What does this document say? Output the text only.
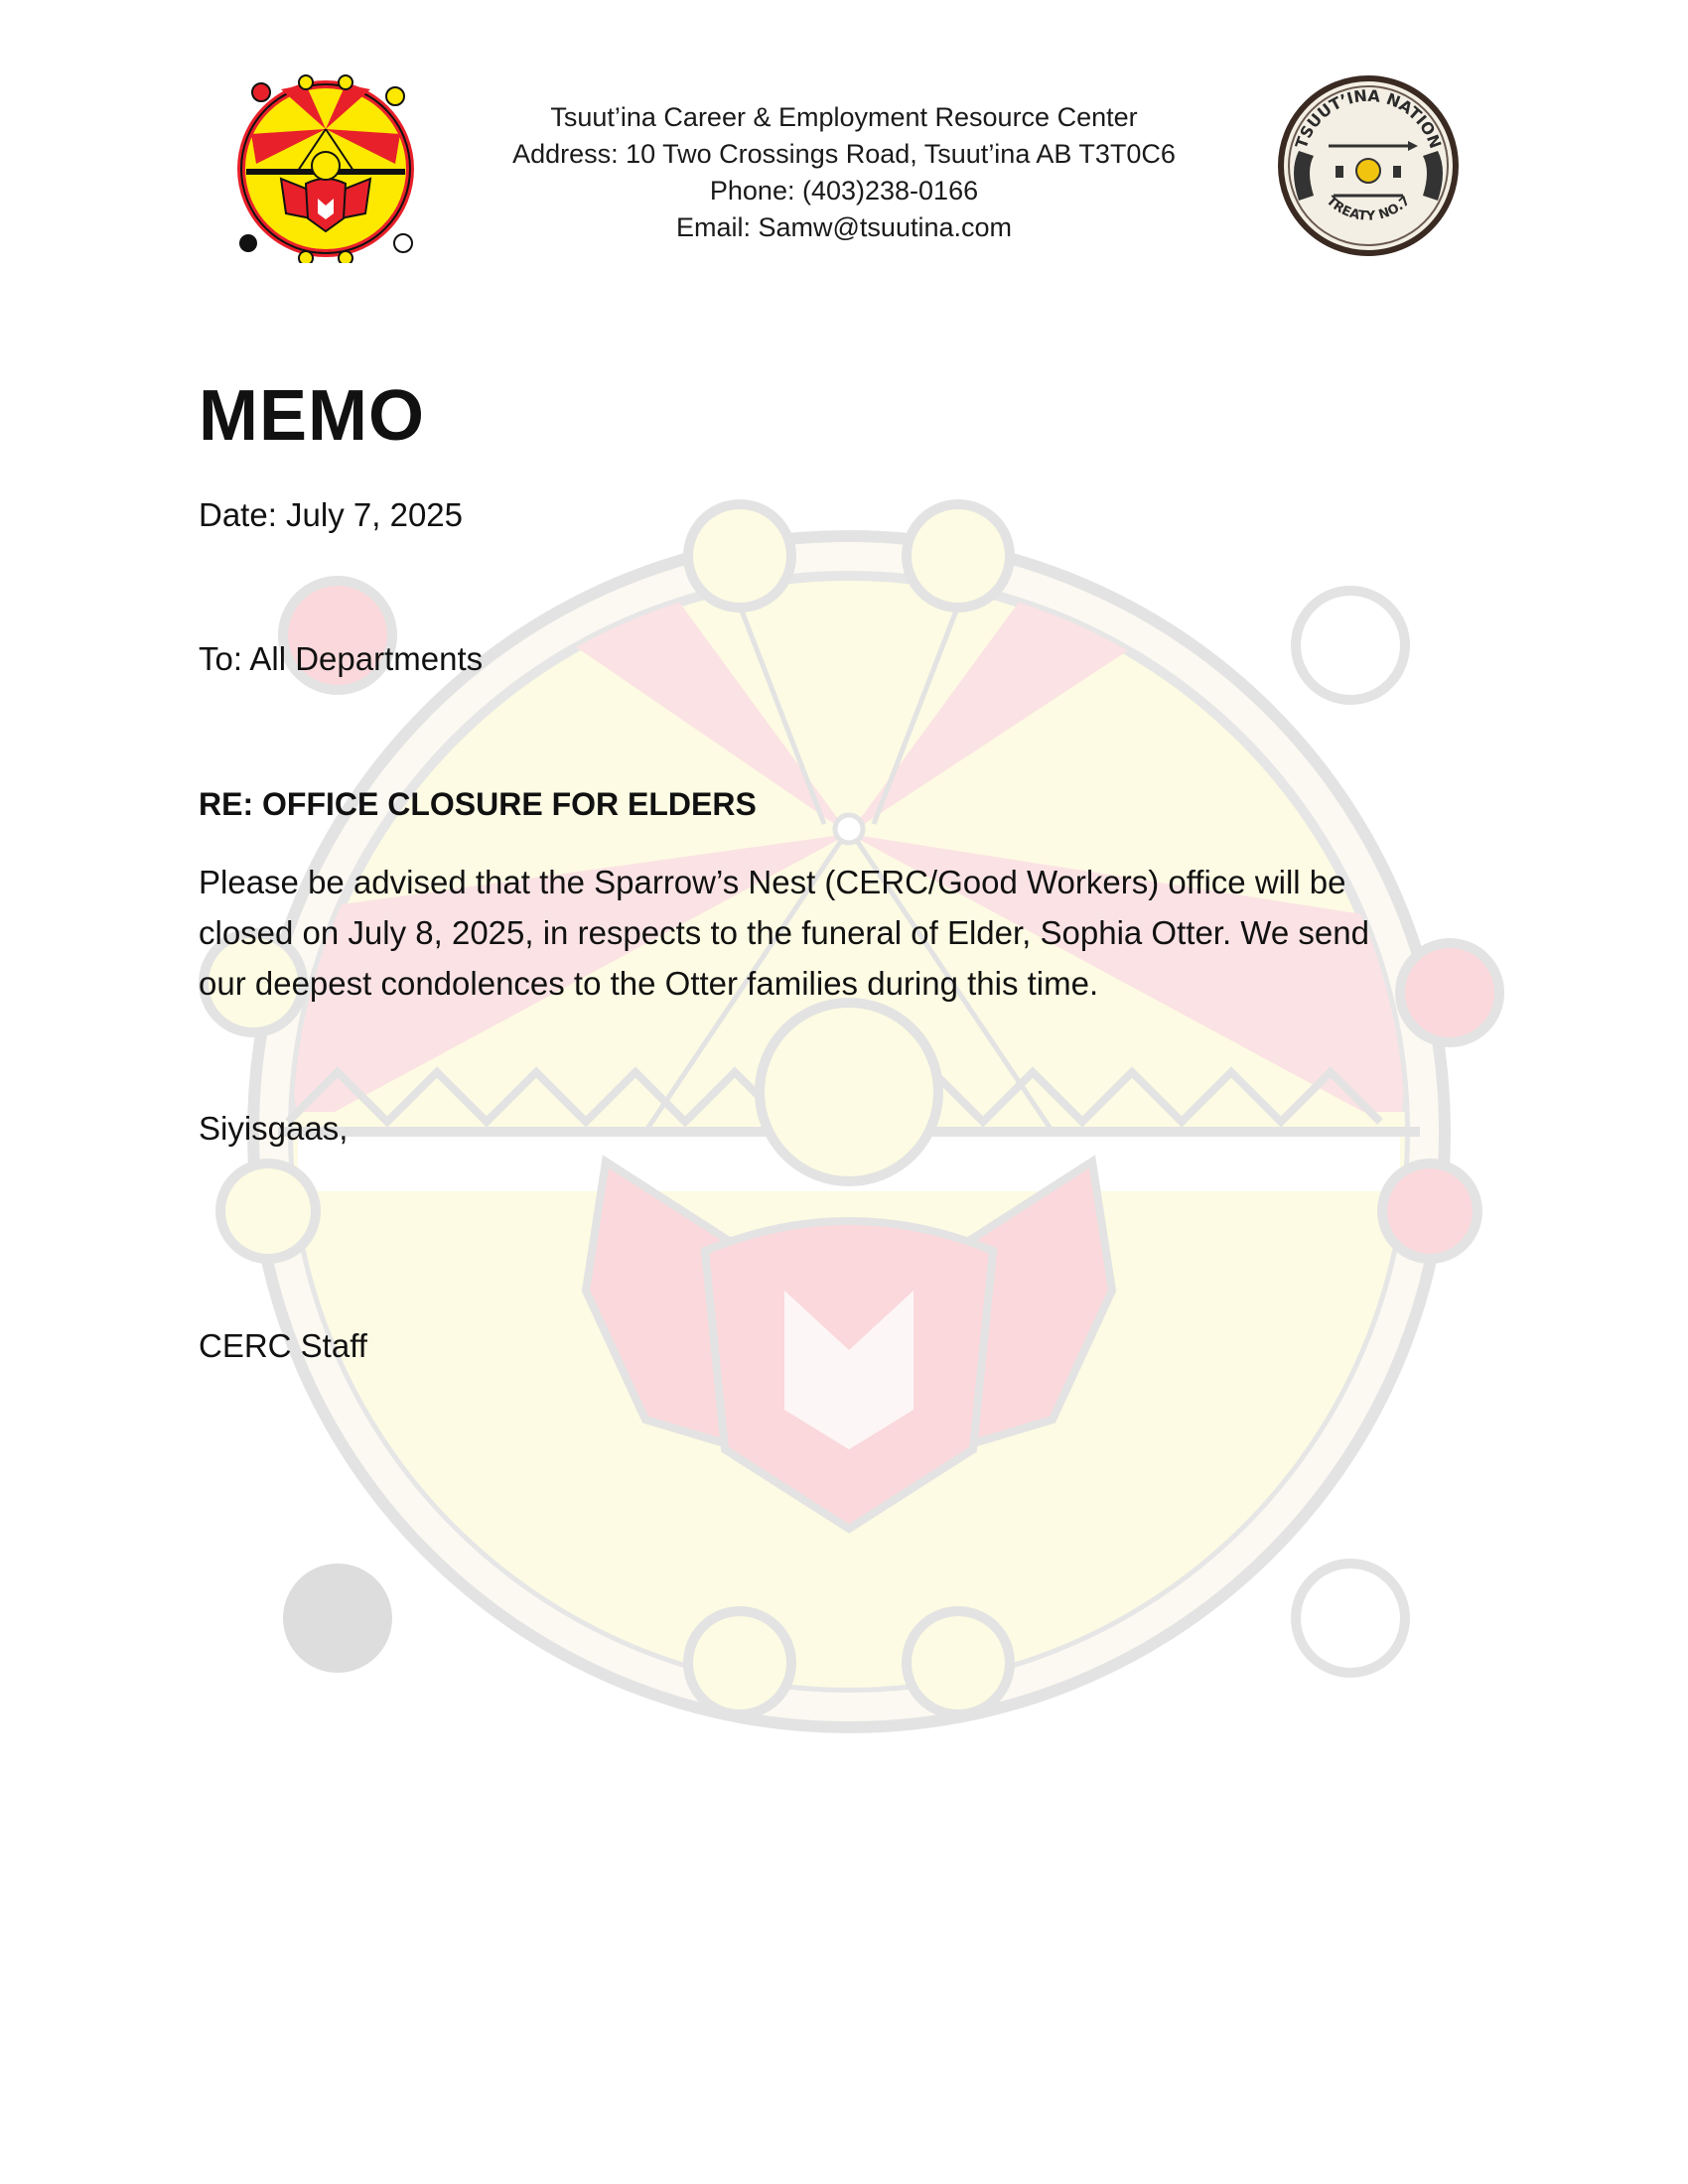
Tsuut’ina Career & Employment Resource Center
Address: 10 Two Crossings Road, Tsuut’ina AB T3T0C6
Phone: (403)238-0166
Email: Samw@tsuutina.com
TSUUT’INA NATION
TREATY NO.7
MEMO
Date: July 7, 2025
To: All Departments
RE: OFFICE CLOSURE FOR ELDERS
Please be advised that the Sparrow’s Nest (CERC/Good Workers) office will be
closed on July 8, 2025, in respects to the funeral of Elder, Sophia Otter. We send
our deepest condolences to the Otter families during this time.
Siyisgaas,
CERC Staff
